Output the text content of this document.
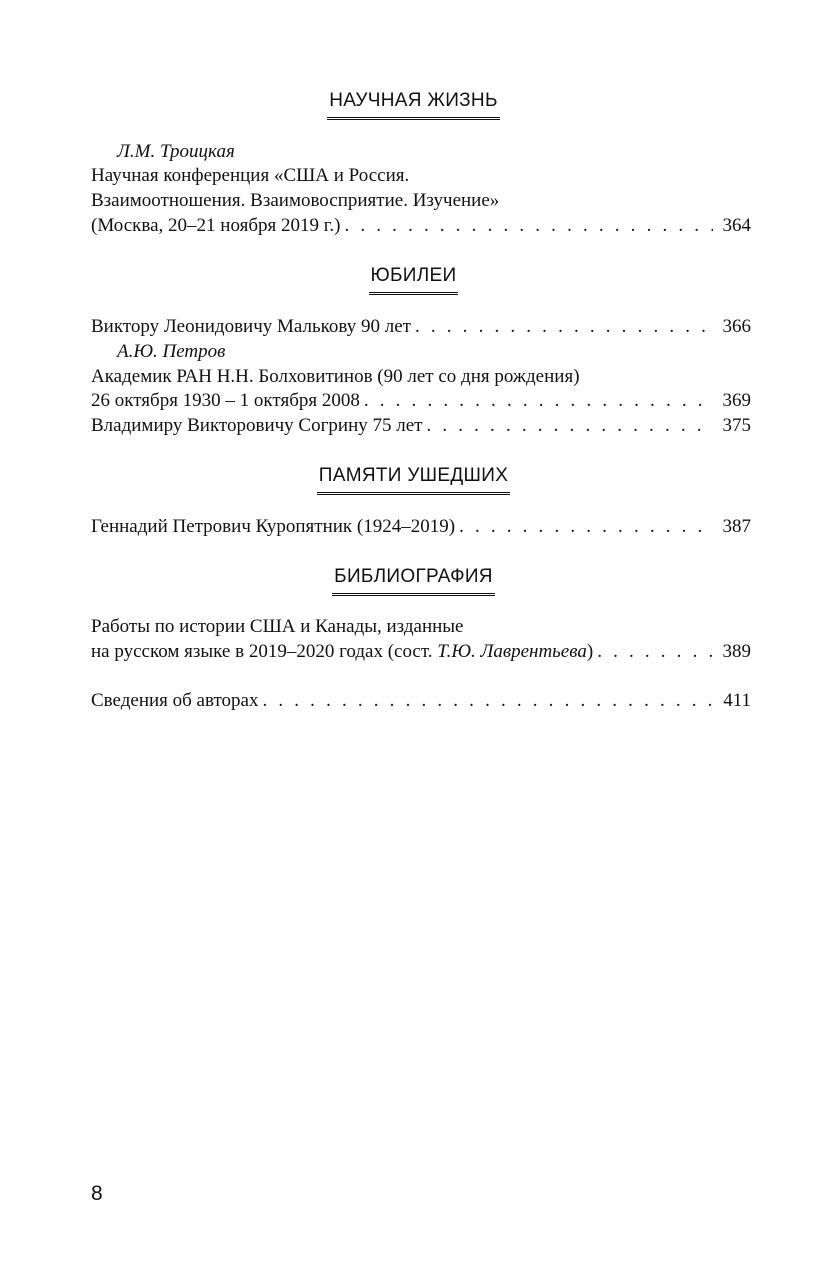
НАУЧНАЯ ЖИЗНЬ
Л.М. Троицкая
Научная конференция «США и Россия.
Взаимоотношения. Взаимовосприятие. Изучение»
(Москва, 20–21 ноября 2019 г.) . . .	364
ЮБИЛЕИ
Виктору Леонидовичу Малькову 90 лет . . .	366
А.Ю. Петров
Академик РАН Н.Н. Болховитинов (90 лет со дня рождения)
26 октября 1930 – 1 октября 2008 . . .	369
Владимиру Викторовичу Согрину 75 лет . . .	375
ПАМЯТИ УШЕДШИХ
Геннадий Петрович Куропятник (1924–2019) . . .	387
БИБЛИОГРАФИЯ
Работы по истории США и Канады, изданные
на русском языке в 2019–2020 годах (сост. Т.Ю. Лаврентьева) . . .	389
Сведения об авторах . . .	411
8
